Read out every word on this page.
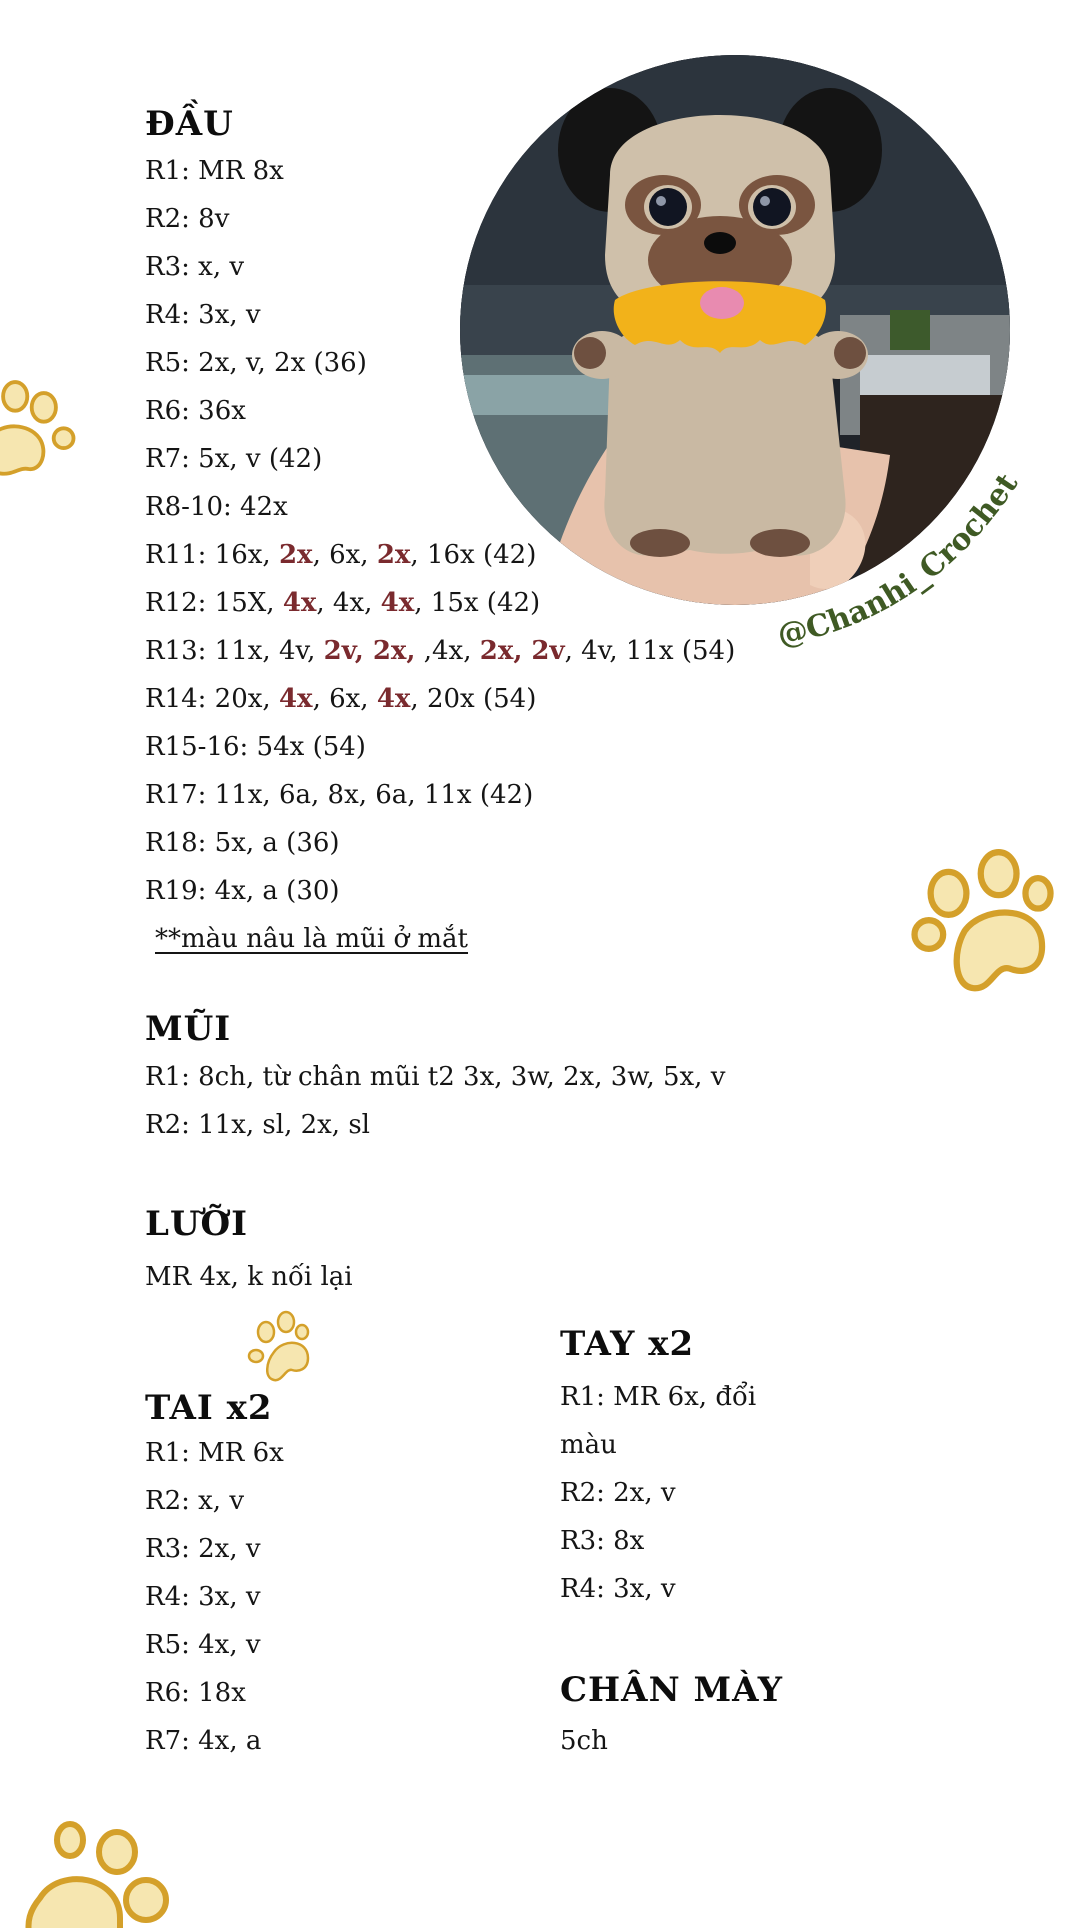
@Chanhi_Crochet
ĐẦU
R1: MR 8x
R2: 8v
R3: x, v
R4: 3x, v
R5: 2x, v, 2x (36)
R6: 36x
R7: 5x, v (42)
R8-10: 42x
R11: 16x, 2x, 6x, 2x, 16x (42)
R12: 15X, 4x, 4x, 4x, 15x (42)
R13: 11x, 4v, 2v, 2x, ,4x, 2x, 2v, 4v, 11x (54)
R14: 20x, 4x, 6x, 4x, 20x (54)
R15-16: 54x (54)
R17: 11x, 6a, 8x, 6a, 11x (42)
R18: 5x, a (36)
R19: 4x, a (30)
**màu nâu là mũi ở mắt
MŨI
R1: 8ch, từ chân mũi t2 3x, 3w, 2x, 3w, 5x, v
R2: 11x, sl, 2x, sl
LƯỠI
MR 4x, k nối lại
TAI x2
R1: MR 6x
R2: x, v
R3: 2x, v
R4: 3x, v
R5: 4x, v
R6: 18x
R7: 4x, a
TAY x2
R1: MR 6x, đổi
màu
R2: 2x, v
R3: 8x
R4: 3x, v
CHÂN MÀY
5ch
